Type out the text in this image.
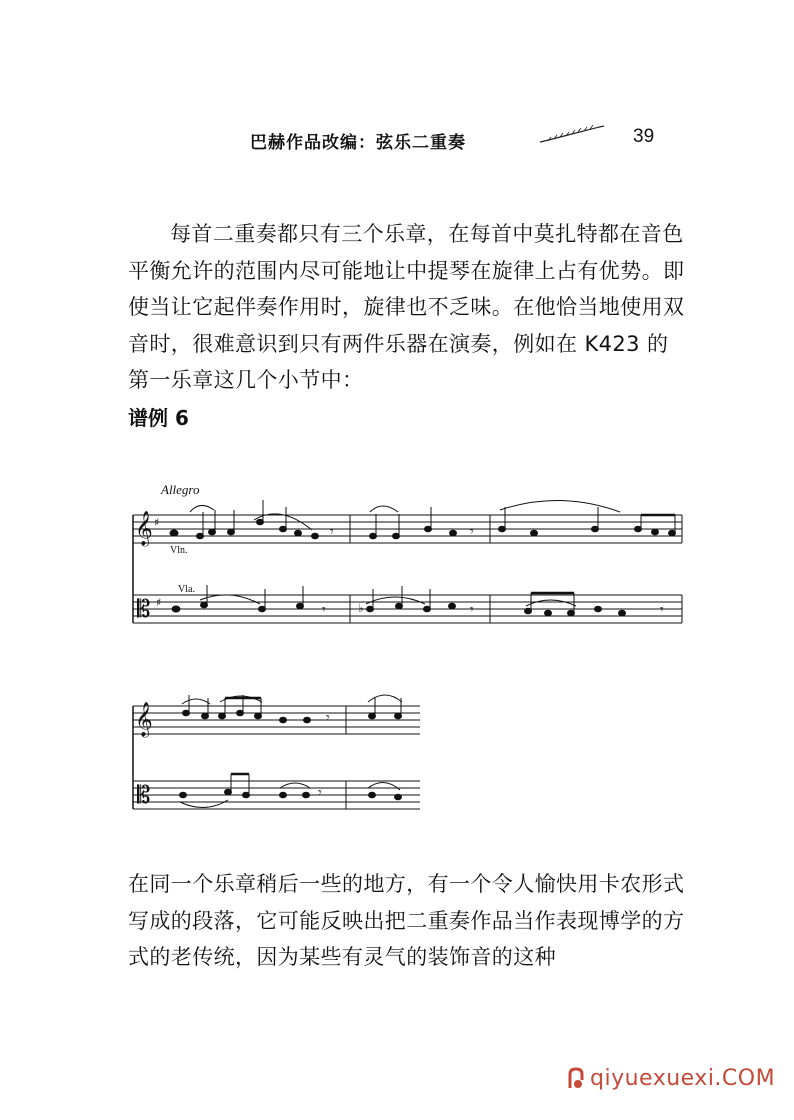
巴赫作品改编：弦乐二重奏	39
每首二重奏都只有三个乐章，在每首中莫扎特都在音色平衡允许的范围内尽可能地让中提琴在旋律上占有优势。即使当让它起伴奏作用时，旋律也不乏味。在他恰当地使用双音时，很难意识到只有两件乐器在演奏，例如在 K423 的第一乐章这几个小节中：
谱例 6
Allegro
Vln.
Vla.
𝄞
𝄡
♯
♯
𝄾	𝄾
𝄾	𝄾	𝄾
♭
𝄞
𝄡
𝄾
𝄾
在同一个乐章稍后一些的地方，有一个令人愉快用卡农形式写成的段落，它可能反映出把二重奏作品当作表现博学的方式的老传统，因为某些有灵气的装饰音的这种
qiyuexuexi.COM
